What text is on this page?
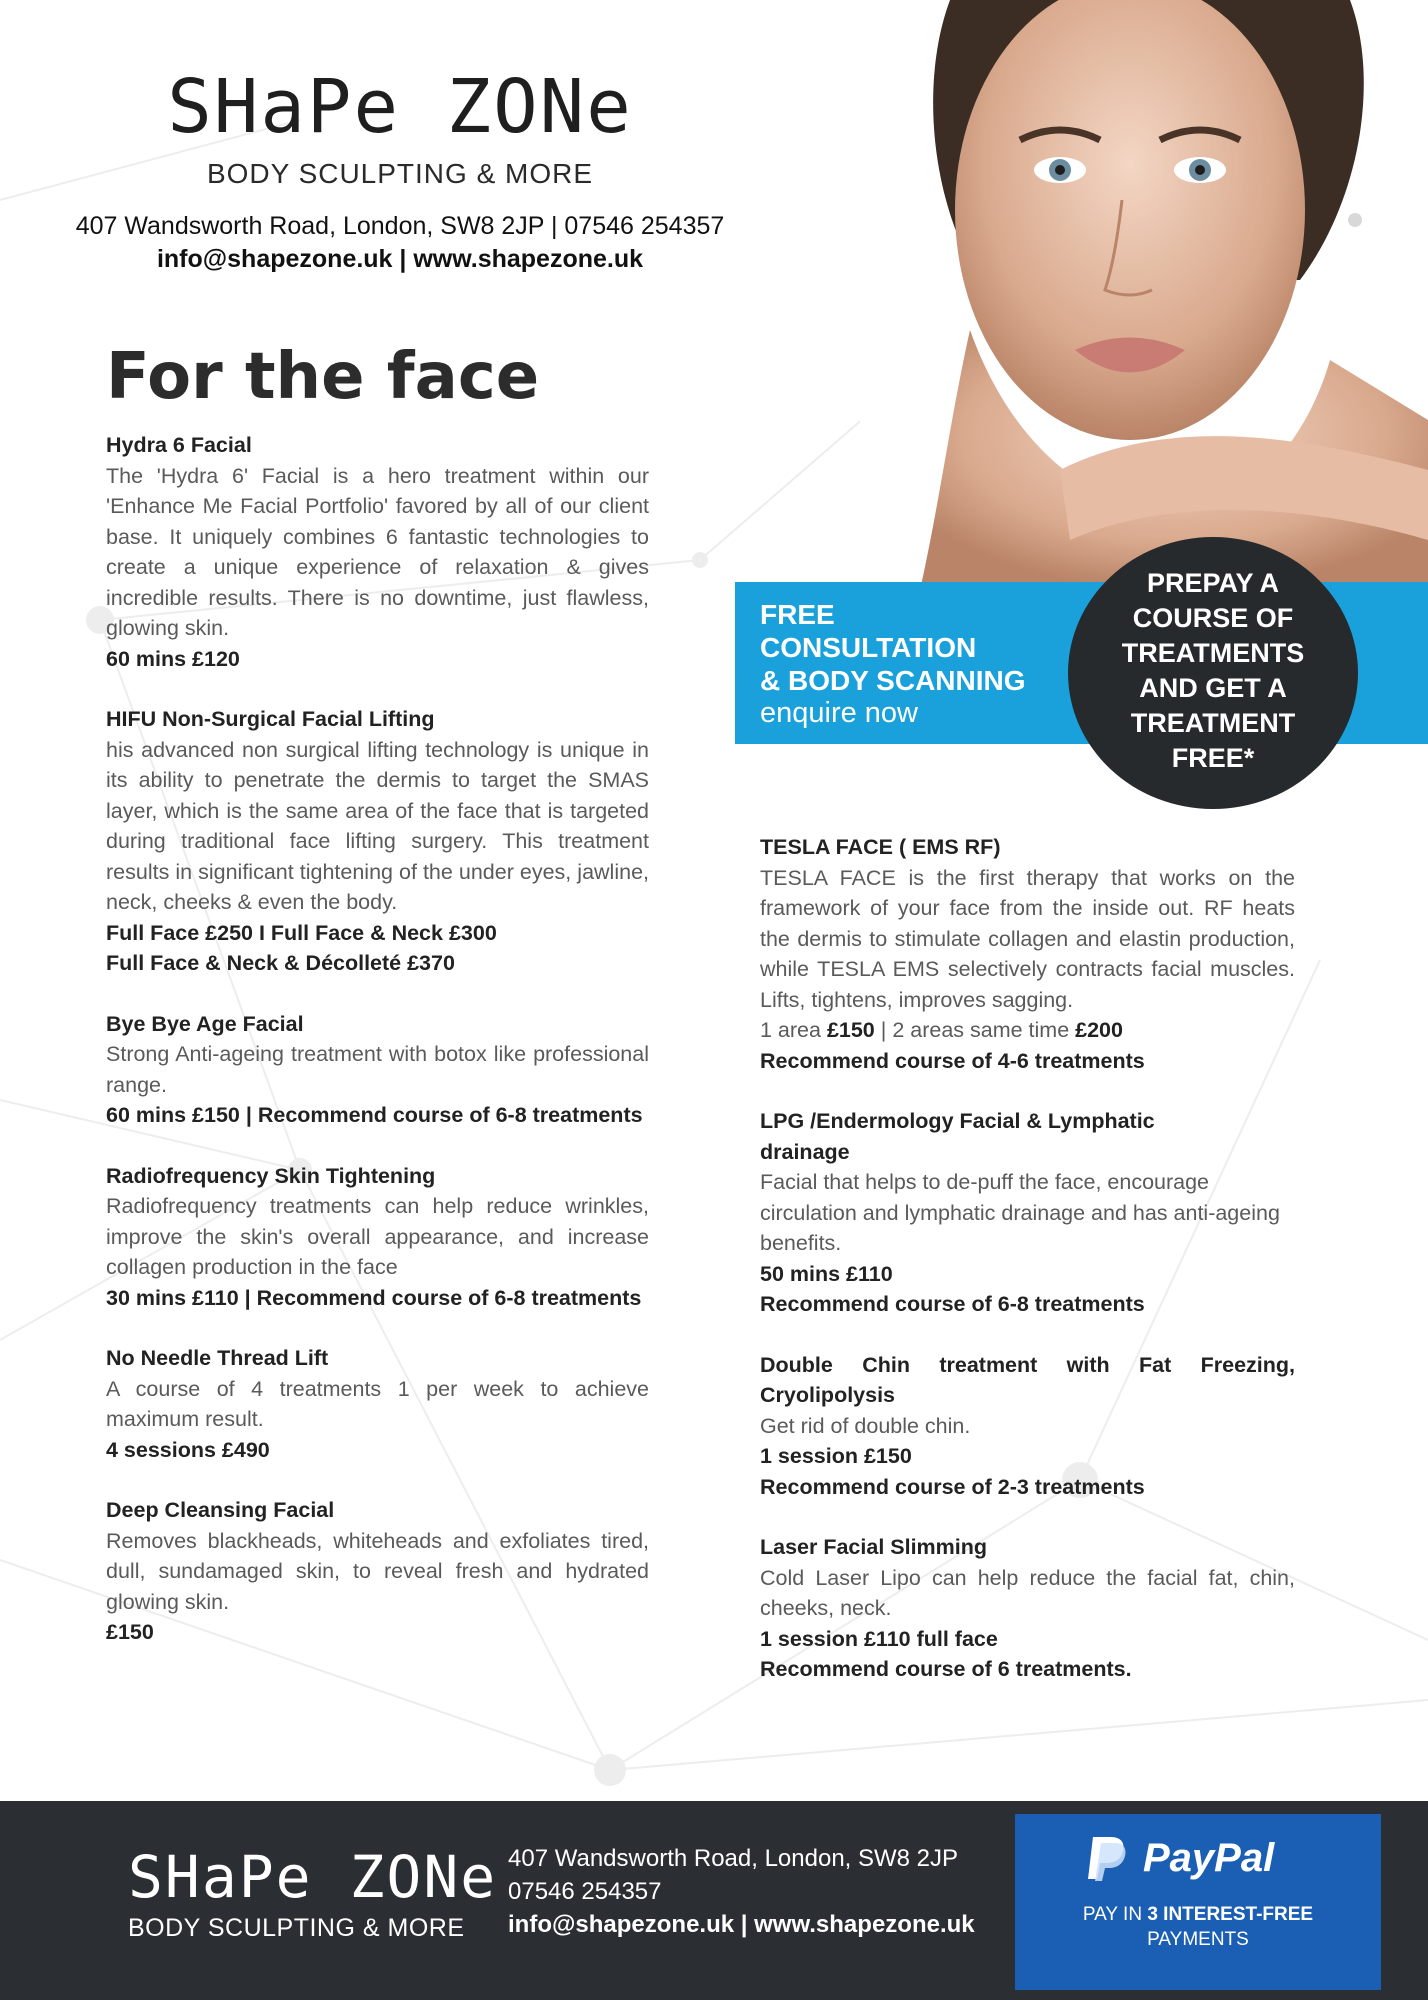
SHaPe ZONe
BODY SCULPTING & MORE
407 Wandsworth Road, London, SW8 2JP | 07546 254357
info@shapezone.uk | www.shapezone.uk
For the face
FREE
CONSULTATION
& BODY SCANNING
enquire now
PREPAY A
COURSE OF
TREATMENTS
AND GET A
TREATMENT
FREE*
Hydra 6 Facial
The 'Hydra 6' Facial is a hero treatment within our 'Enhance Me Facial Portfolio' favored by all of our client base. It uniquely combines 6 fantastic technologies to create a unique experience of relaxation & gives incredible results. There is no downtime, just flawless, glowing skin.
60 mins £120
HIFU Non-Surgical Facial Lifting
his advanced non surgical lifting technology is unique in its ability to penetrate the dermis to target the SMAS layer, which is the same area of the face that is targeted during traditional face lifting surgery. This treatment results in significant tightening of the under eyes, jawline, neck, cheeks & even the body.
Full Face £250 I Full Face & Neck £300
Full Face & Neck & Décolleté £370
Bye Bye Age Facial
Strong Anti-ageing treatment with botox like professional range.
60 mins £150 | Recommend course of 6-8 treatments
Radiofrequency Skin Tightening
Radiofrequency treatments can help reduce wrinkles, improve the skin's overall appearance, and increase collagen production in the face
30 mins £110 | Recommend course of 6-8 treatments
No Needle Thread Lift
A course of 4 treatments 1 per week to achieve maximum result.
4 sessions £490
Deep Cleansing Facial
Removes blackheads, whiteheads and exfoliates tired, dull, sundamaged skin, to reveal fresh and hydrated glowing skin.
£150
TESLA FACE ( EMS RF)
TESLA FACE is the first therapy that works on the framework of your face from the inside out. RF heats the dermis to stimulate collagen and elastin production, while TESLA EMS selectively contracts facial muscles. Lifts, tightens, improves sagging.
1 area £150 | 2 areas same time £200
Recommend course of 4-6 treatments
LPG /Endermology Facial & Lymphatic drainage
Facial that helps to de-puff the face, encourage circulation and lymphatic drainage and has anti-ageing benefits.
50 mins £110
Recommend course of 6-8 treatments
Double Chin treatment with Fat Freezing, Cryolipolysis
Get rid of double chin.
1 session £150
Recommend course of 2-3 treatments
Laser Facial Slimming
Cold Laser Lipo can help reduce the facial fat, chin, cheeks, neck.
1 session £110 full face
Recommend course of 6 treatments.
SHaPe ZONe
BODY SCULPTING & MORE
407 Wandsworth Road, London, SW8 2JP
07546 254357
info@shapezone.uk | www.shapezone.uk
PayPal
PAY IN 3 INTEREST-FREE
PAYMENTS
